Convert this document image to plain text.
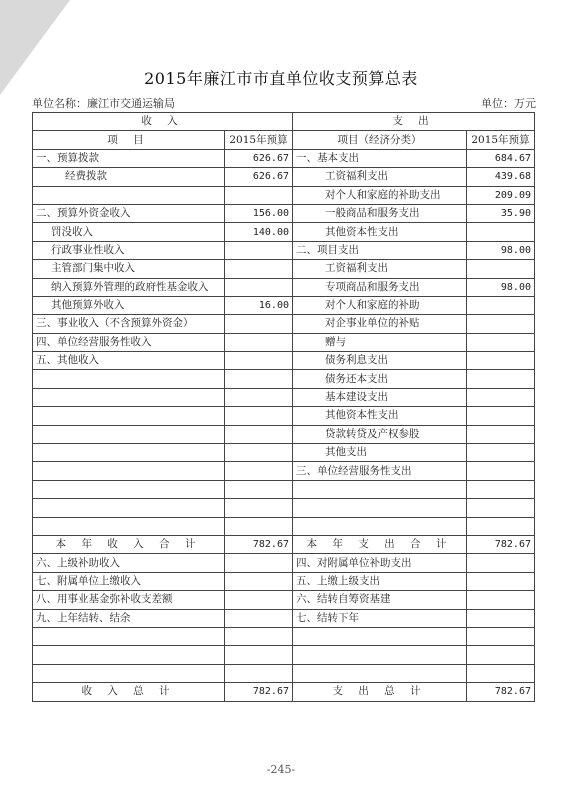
2015年廉江市市直单位收支预算总表
单位名称：廉江市交通运输局	单位：万元
收 入		支 出	
项 目	2015年预算	项目（经济分类）	2015年预算
一、预算拨款	626.67	一、基本支出	684.67
经费拨款	626.67	工资福利支出	439.68
		对个人和家庭的补助支出	209.09
二、预算外资金收入	156.00	一般商品和服务支出	35.90
罚没收入	140.00	其他资本性支出	
行政事业性收入		二、项目支出	98.00
主管部门集中收入		工资福利支出	
纳入预算外管理的政府性基金收入		专项商品和服务支出	98.00
其他预算外收入	16.00	对个人和家庭的补助	
三、事业收入（不含预算外资金）		对企事业单位的补贴	
四、单位经营服务性收入		赠与	
五、其他收入		债务利息支出	
		债务还本支出	
		基本建设支出	
		其他资本性支出	
		贷款转贷及产权参股	
		其他支出	
		三、单位经营服务性支出	

本 年 收 入 合 计	782.67	本 年 支 出 合 计	782.67
六、上级补助收入		四、对附属单位补助支出	
七、附属单位上缴收入		五、上缴上级支出	
八、用事业基金弥补收支差额		六、结转自筹资基建	
九、上年结转、结余		七、结转下年	

收 入 总 计	782.67	支 出 总 计	782.67
-245-
